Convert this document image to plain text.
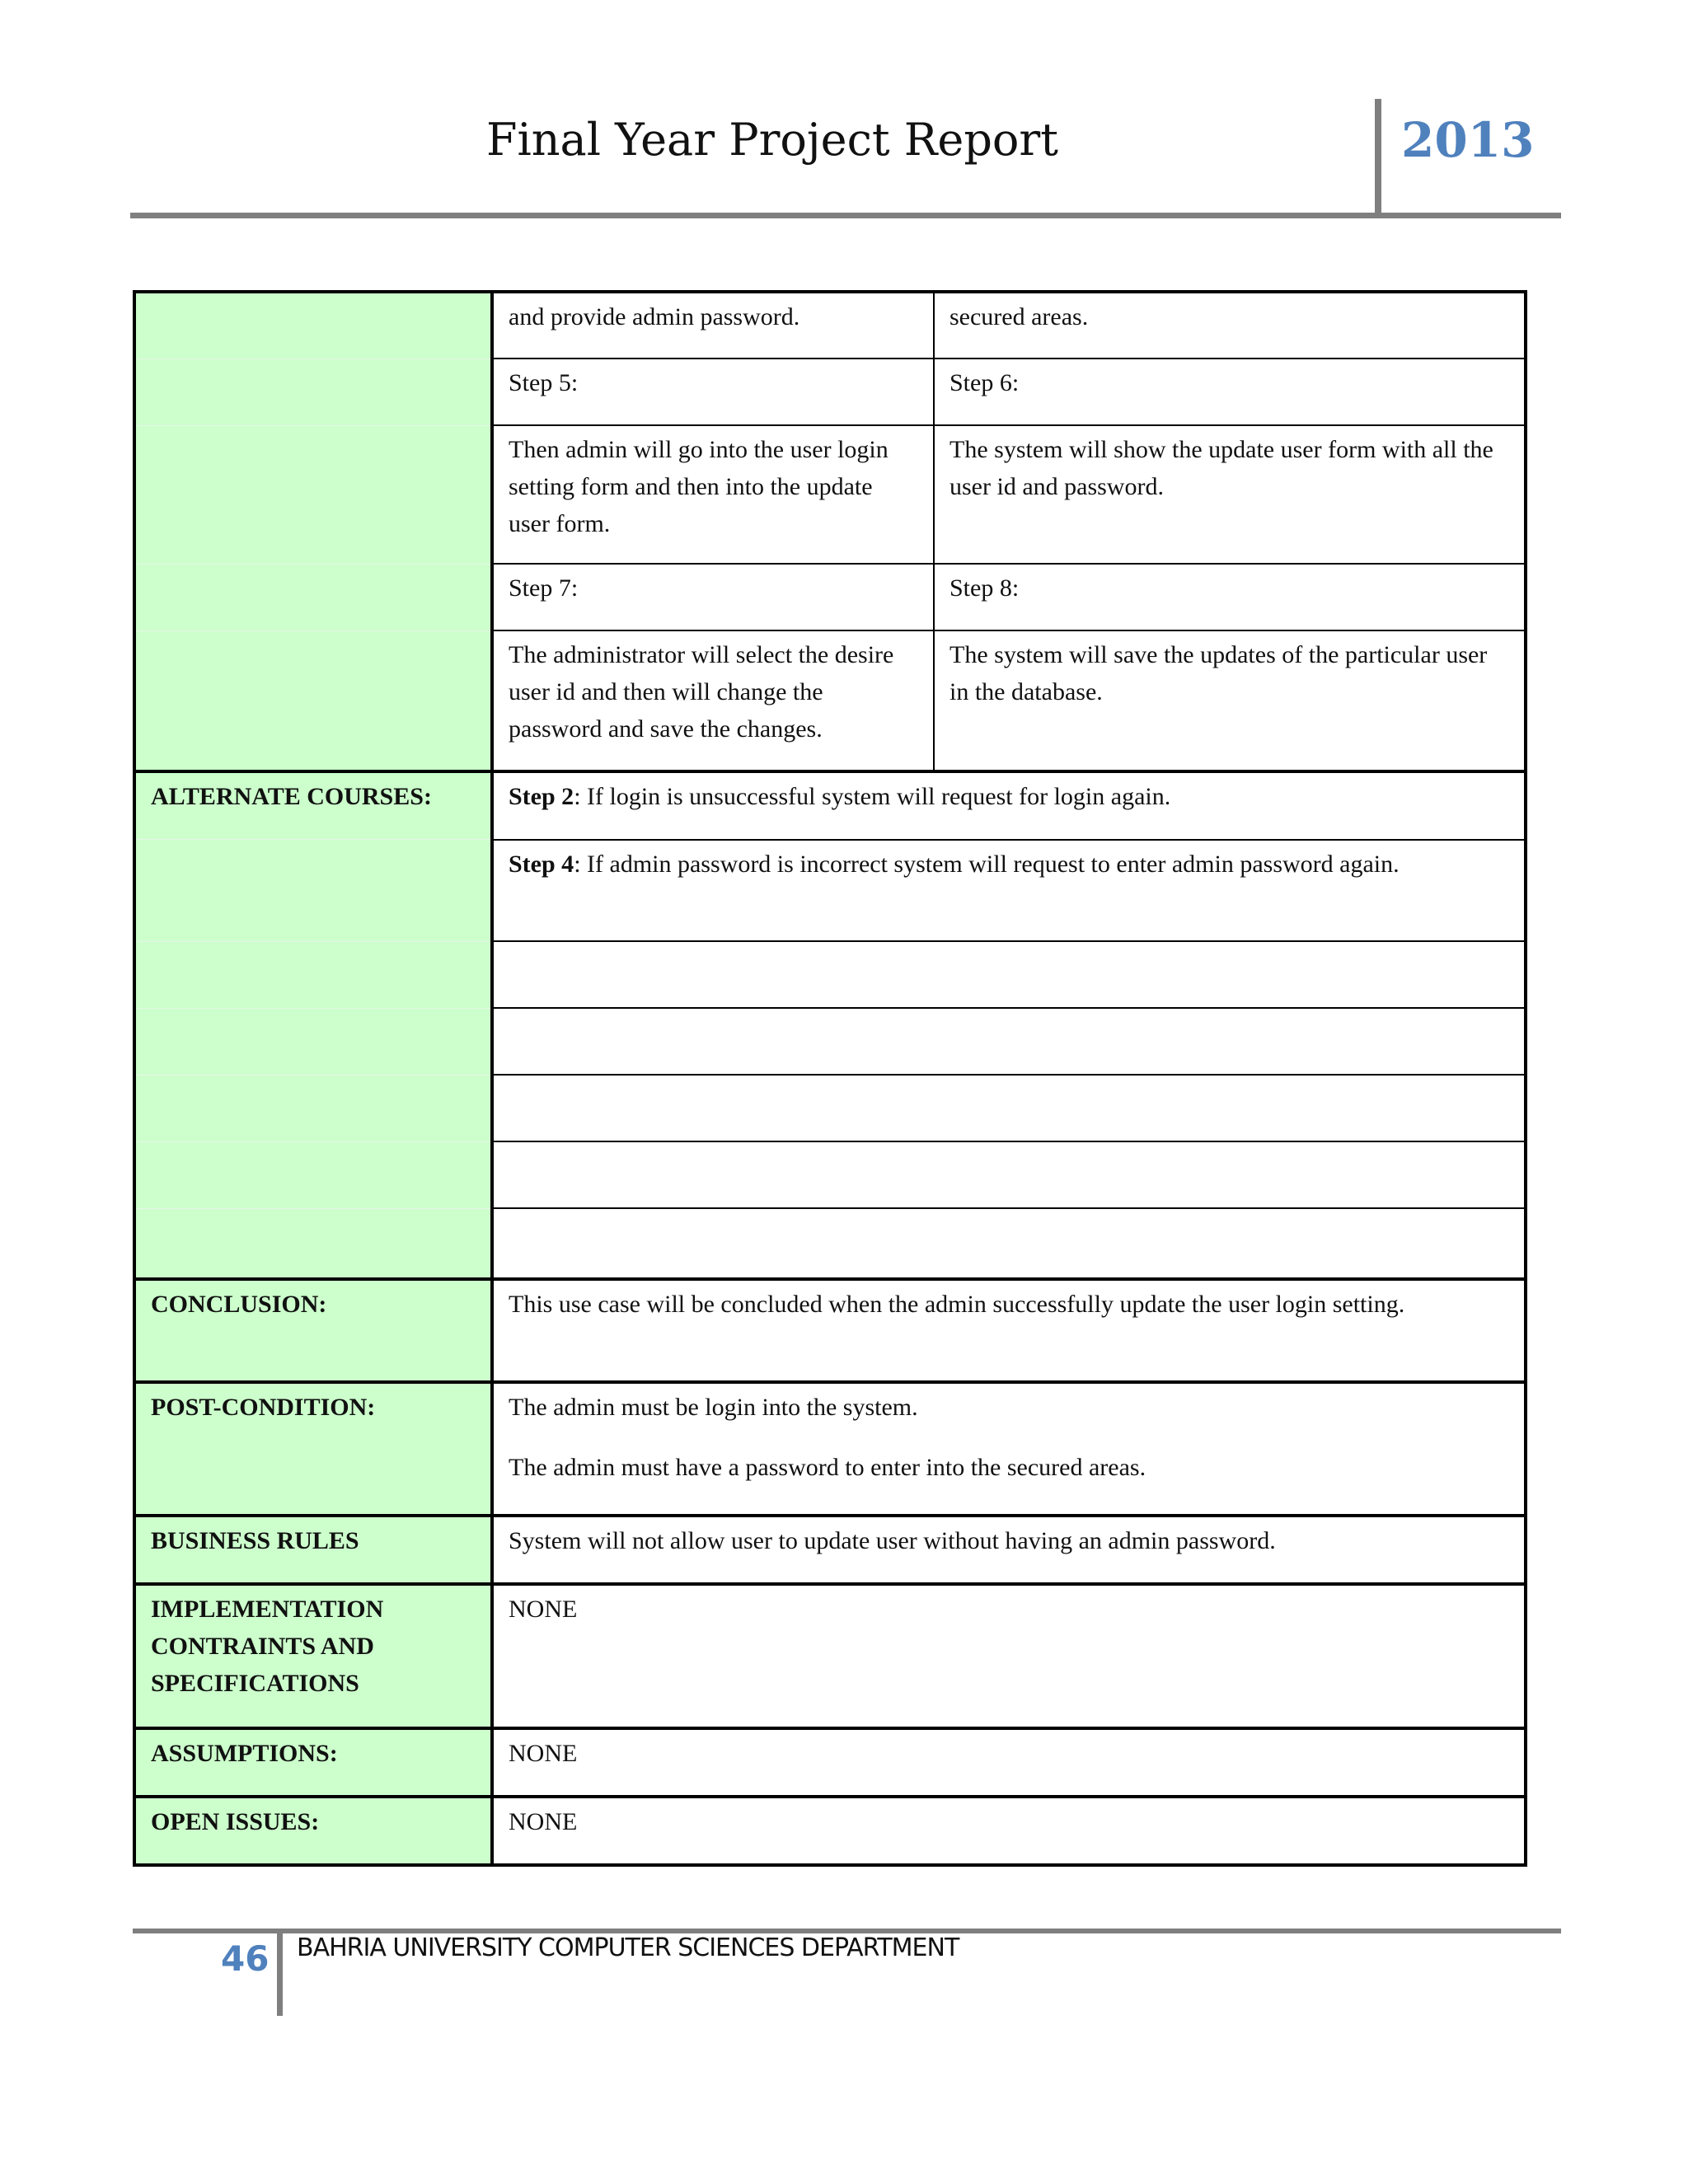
Final Year Project Report	2013
	and provide admin password.	secured areas.
	Step 5:	Step 6:
	Then admin will go into the user login setting form and then into the update user form.	The system will show the update user form with all the user id and password.
	Step 7:	Step 8:
	The administrator will select the desire user id and then will change the password and save the changes.	The system will save the updates of the particular user in the database.
ALTERNATE COURSES:	Step 2: If login is unsuccessful system will request for login again.	
	Step 4: If admin password is incorrect system will request to enter admin password again.	

CONCLUSION:	This use case will be concluded when the admin successfully update the user login setting.	
POST-CONDITION:	The admin must be login into the system.
The admin must have a password to enter into the secured areas.	

BUSINESS RULES	System will not allow user to update user without having an admin password.	
IMPLEMENTATION CONTRAINTS AND SPECIFICATIONS	NONE	
ASSUMPTIONS:	NONE	
OPEN ISSUES:	NONE	
46 BAHRIA UNIVERSITY COMPUTER SCIENCES DEPARTMENT
